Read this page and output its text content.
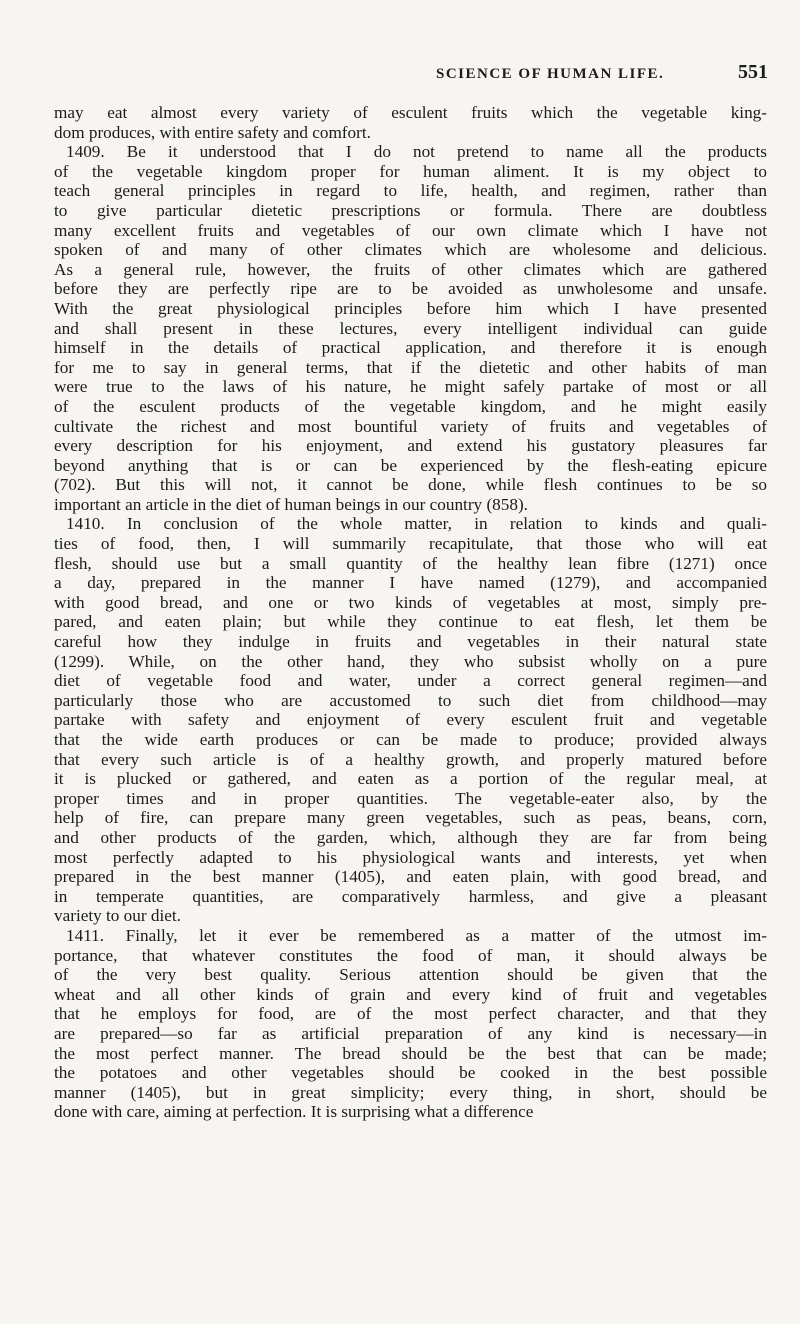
SCIENCE OF HUMAN LIFE.	551
may eat almost every variety of esculent fruits which the vegetable king-
dom produces, with entire safety and comfort.
1409. Be it understood that I do not pretend to name all the products
of the vegetable kingdom proper for human aliment. It is my object to
teach general principles in regard to life, health, and regimen, rather than
to give particular dietetic prescriptions or formula. There are doubtless
many excellent fruits and vegetables of our own climate which I have not
spoken of and many of other climates which are wholesome and delicious.
As a general rule, however, the fruits of other climates which are gathered
before they are perfectly ripe are to be avoided as unwholesome and unsafe.
With the great physiological principles before him which I have presented
and shall present in these lectures, every intelligent individual can guide
himself in the details of practical application, and therefore it is enough
for me to say in general terms, that if the dietetic and other habits of man
were true to the laws of his nature, he might safely partake of most or all
of the esculent products of the vegetable kingdom, and he might easily
cultivate the richest and most bountiful variety of fruits and vegetables of
every description for his enjoyment, and extend his gustatory pleasures far
beyond anything that is or can be experienced by the flesh-eating epicure
(702). But this will not, it cannot be done, while flesh continues to be so
important an article in the diet of human beings in our country (858).
1410. In conclusion of the whole matter, in relation to kinds and quali-
ties of food, then, I will summarily recapitulate, that those who will eat
flesh, should use but a small quantity of the healthy lean fibre (1271) once
a day, prepared in the manner I have named (1279), and accompanied
with good bread, and one or two kinds of vegetables at most, simply pre-
pared, and eaten plain; but while they continue to eat flesh, let them be
careful how they indulge in fruits and vegetables in their natural state
(1299). While, on the other hand, they who subsist wholly on a pure
diet of vegetable food and water, under a correct general regimen—and
particularly those who are accustomed to such diet from childhood—may
partake with safety and enjoyment of every esculent fruit and vegetable
that the wide earth produces or can be made to produce; provided always
that every such article is of a healthy growth, and properly matured before
it is plucked or gathered, and eaten as a portion of the regular meal, at
proper times and in proper quantities. The vegetable-eater also, by the
help of fire, can prepare many green vegetables, such as peas, beans, corn,
and other products of the garden, which, although they are far from being
most perfectly adapted to his physiological wants and interests, yet when
prepared in the best manner (1405), and eaten plain, with good bread, and
in temperate quantities, are comparatively harmless, and give a pleasant
variety to our diet.
1411. Finally, let it ever be remembered as a matter of the utmost im-
portance, that whatever constitutes the food of man, it should always be
of the very best quality. Serious attention should be given that the
wheat and all other kinds of grain and every kind of fruit and vegetables
that he employs for food, are of the most perfect character, and that they
are prepared—so far as artificial preparation of any kind is necessary—in
the most perfect manner. The bread should be the best that can be made;
the potatoes and other vegetables should be cooked in the best possible
manner (1405), but in great simplicity; every thing, in short, should be
done with care, aiming at perfection. It is surprising what a difference
